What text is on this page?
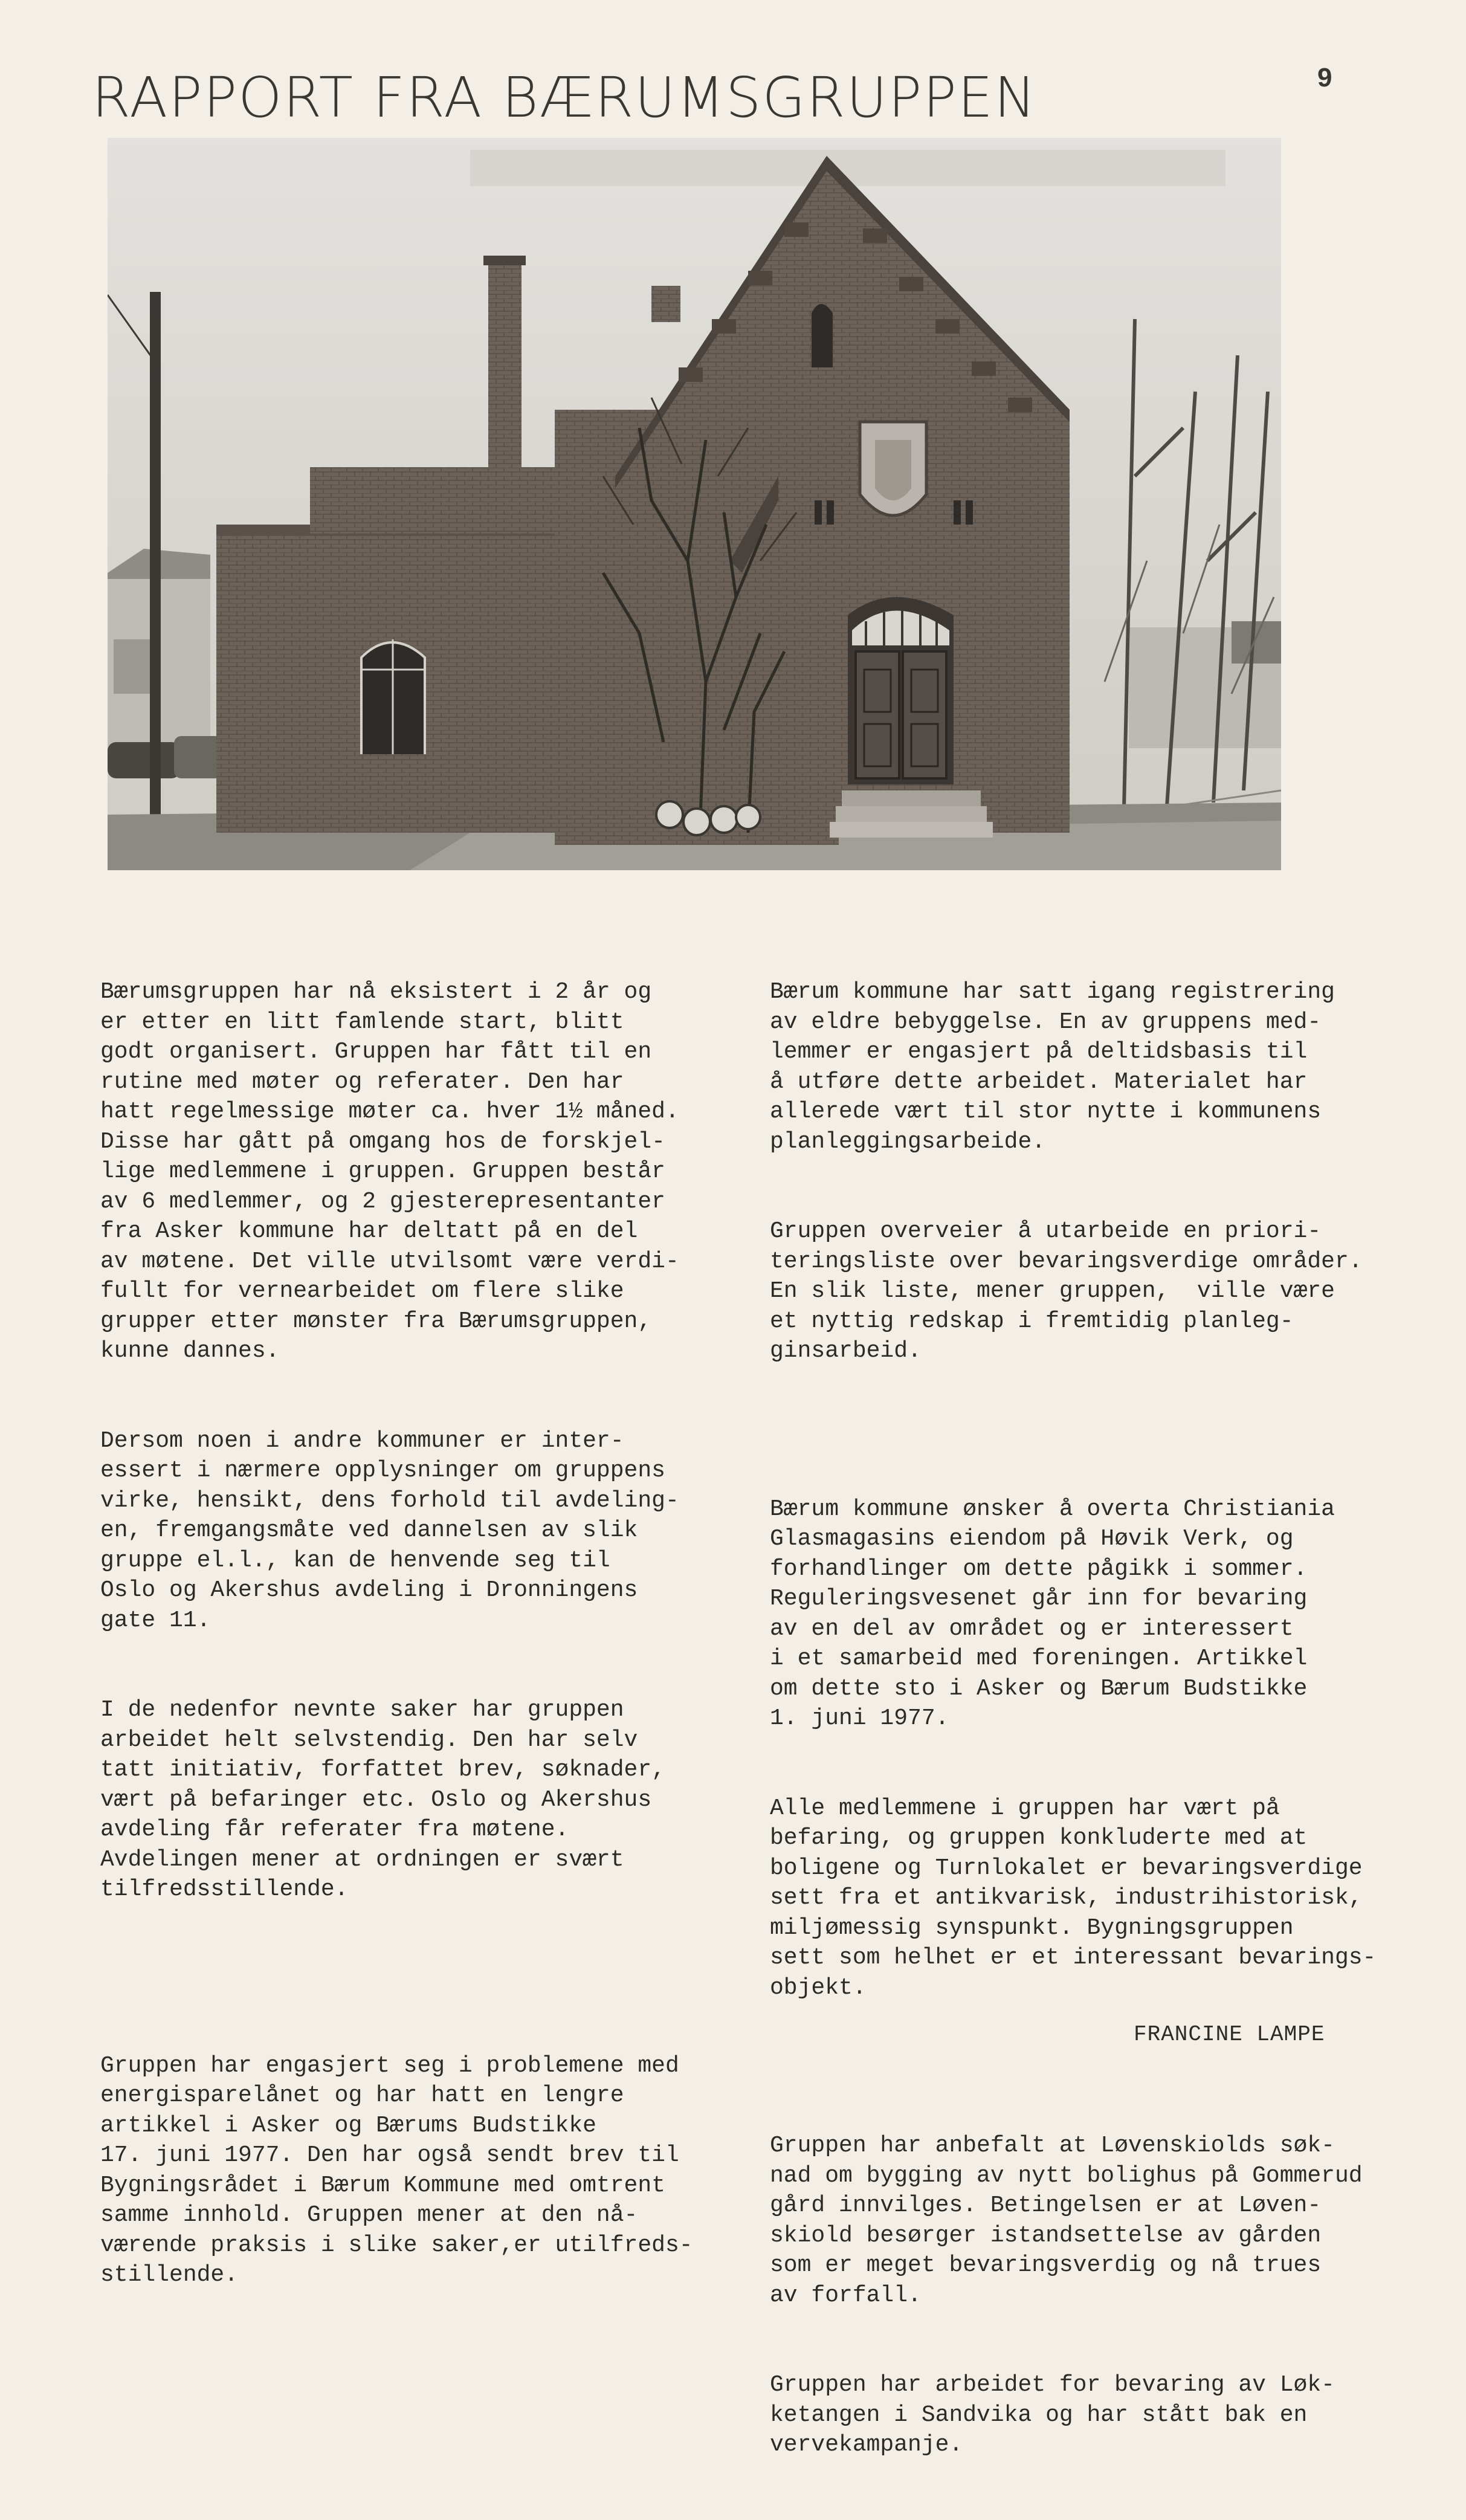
RAPPORT FRA BÆRUMSGRUPPEN	9

Bærumsgruppen har nå eksistert i 2 år og
er etter en litt famlende start, blitt
godt organisert. Gruppen har fått til en
rutine med møter og referater. Den har
hatt regelmessige møter ca. hver 1½ måned.
Disse har gått på omgang hos de forskjel-
lige medlemmene i gruppen. Gruppen består
av 6 medlemmer, og 2 gjesterepresentanter
fra Asker kommune har deltatt på en del
av møtene. Det ville utvilsomt være verdi-
fullt for vernearbeidet om flere slike
grupper etter mønster fra Bærumsgruppen,
kunne dannes.

Dersom noen i andre kommuner er inter-
essert i nærmere opplysninger om gruppens
virke, hensikt, dens forhold til avdeling-
en, fremgangsmåte ved dannelsen av slik
gruppe el.l., kan de henvende seg til
Oslo og Akershus avdeling i Dronningens
gate 11.

I de nedenfor nevnte saker har gruppen
arbeidet helt selvstendig. Den har selv
tatt initiativ, forfattet brev, søknader,
vært på befaringer etc. Oslo og Akershus
avdeling får referater fra møtene.
Avdelingen mener at ordningen er svært
tilfredsstillende.

Gruppen har engasjert seg i problemene med
energisparelånet og har hatt en lengre
artikkel i Asker og Bærums Budstikke
17. juni 1977. Den har også sendt brev til
Bygningsrådet i Bærum Kommune med omtrent
samme innhold. Gruppen mener at den nå-
værende praksis i slike saker,er utilfreds-
stillende.

Bærum kommune har satt igang registrering
av eldre bebyggelse. En av gruppens med-
lemmer er engasjert på deltidsbasis til
å utføre dette arbeidet. Materialet har
allerede vært til stor nytte i kommunens
planleggingsarbeide.

Gruppen overveier å utarbeide en priori-
teringsliste over bevaringsverdige områder.
En slik liste, mener gruppen,  ville være
et nyttig redskap i fremtidig planleg-
ginsarbeid.

Bærum kommune ønsker å overta Christiania
Glasmagasins eiendom på Høvik Verk, og
forhandlinger om dette pågikk i sommer.
Reguleringsvesenet går inn for bevaring
av en del av området og er interessert
i et samarbeid med foreningen. Artikkel
om dette sto i Asker og Bærum Budstikke
1. juni 1977.

Alle medlemmene i gruppen har vært på
befaring, og gruppen konkluderte med at
boligene og Turnlokalet er bevaringsverdige
sett fra et antikvarisk, industrihistorisk,
miljømessig synspunkt. Bygningsgruppen
sett som helhet er et interessant bevarings-
objekt.

Gruppen har anbefalt at Løvenskiolds søk-
nad om bygging av nytt bolighus på Gommerud
gård innvilges. Betingelsen er at Løven-
skiold besørger istandsettelse av gården
som er meget bevaringsverdig og nå trues
av forfall.

Gruppen har arbeidet for bevaring av Løk-
ketangen i Sandvika og har stått bak en
vervekampanje.

FRANCINE LAMPE
